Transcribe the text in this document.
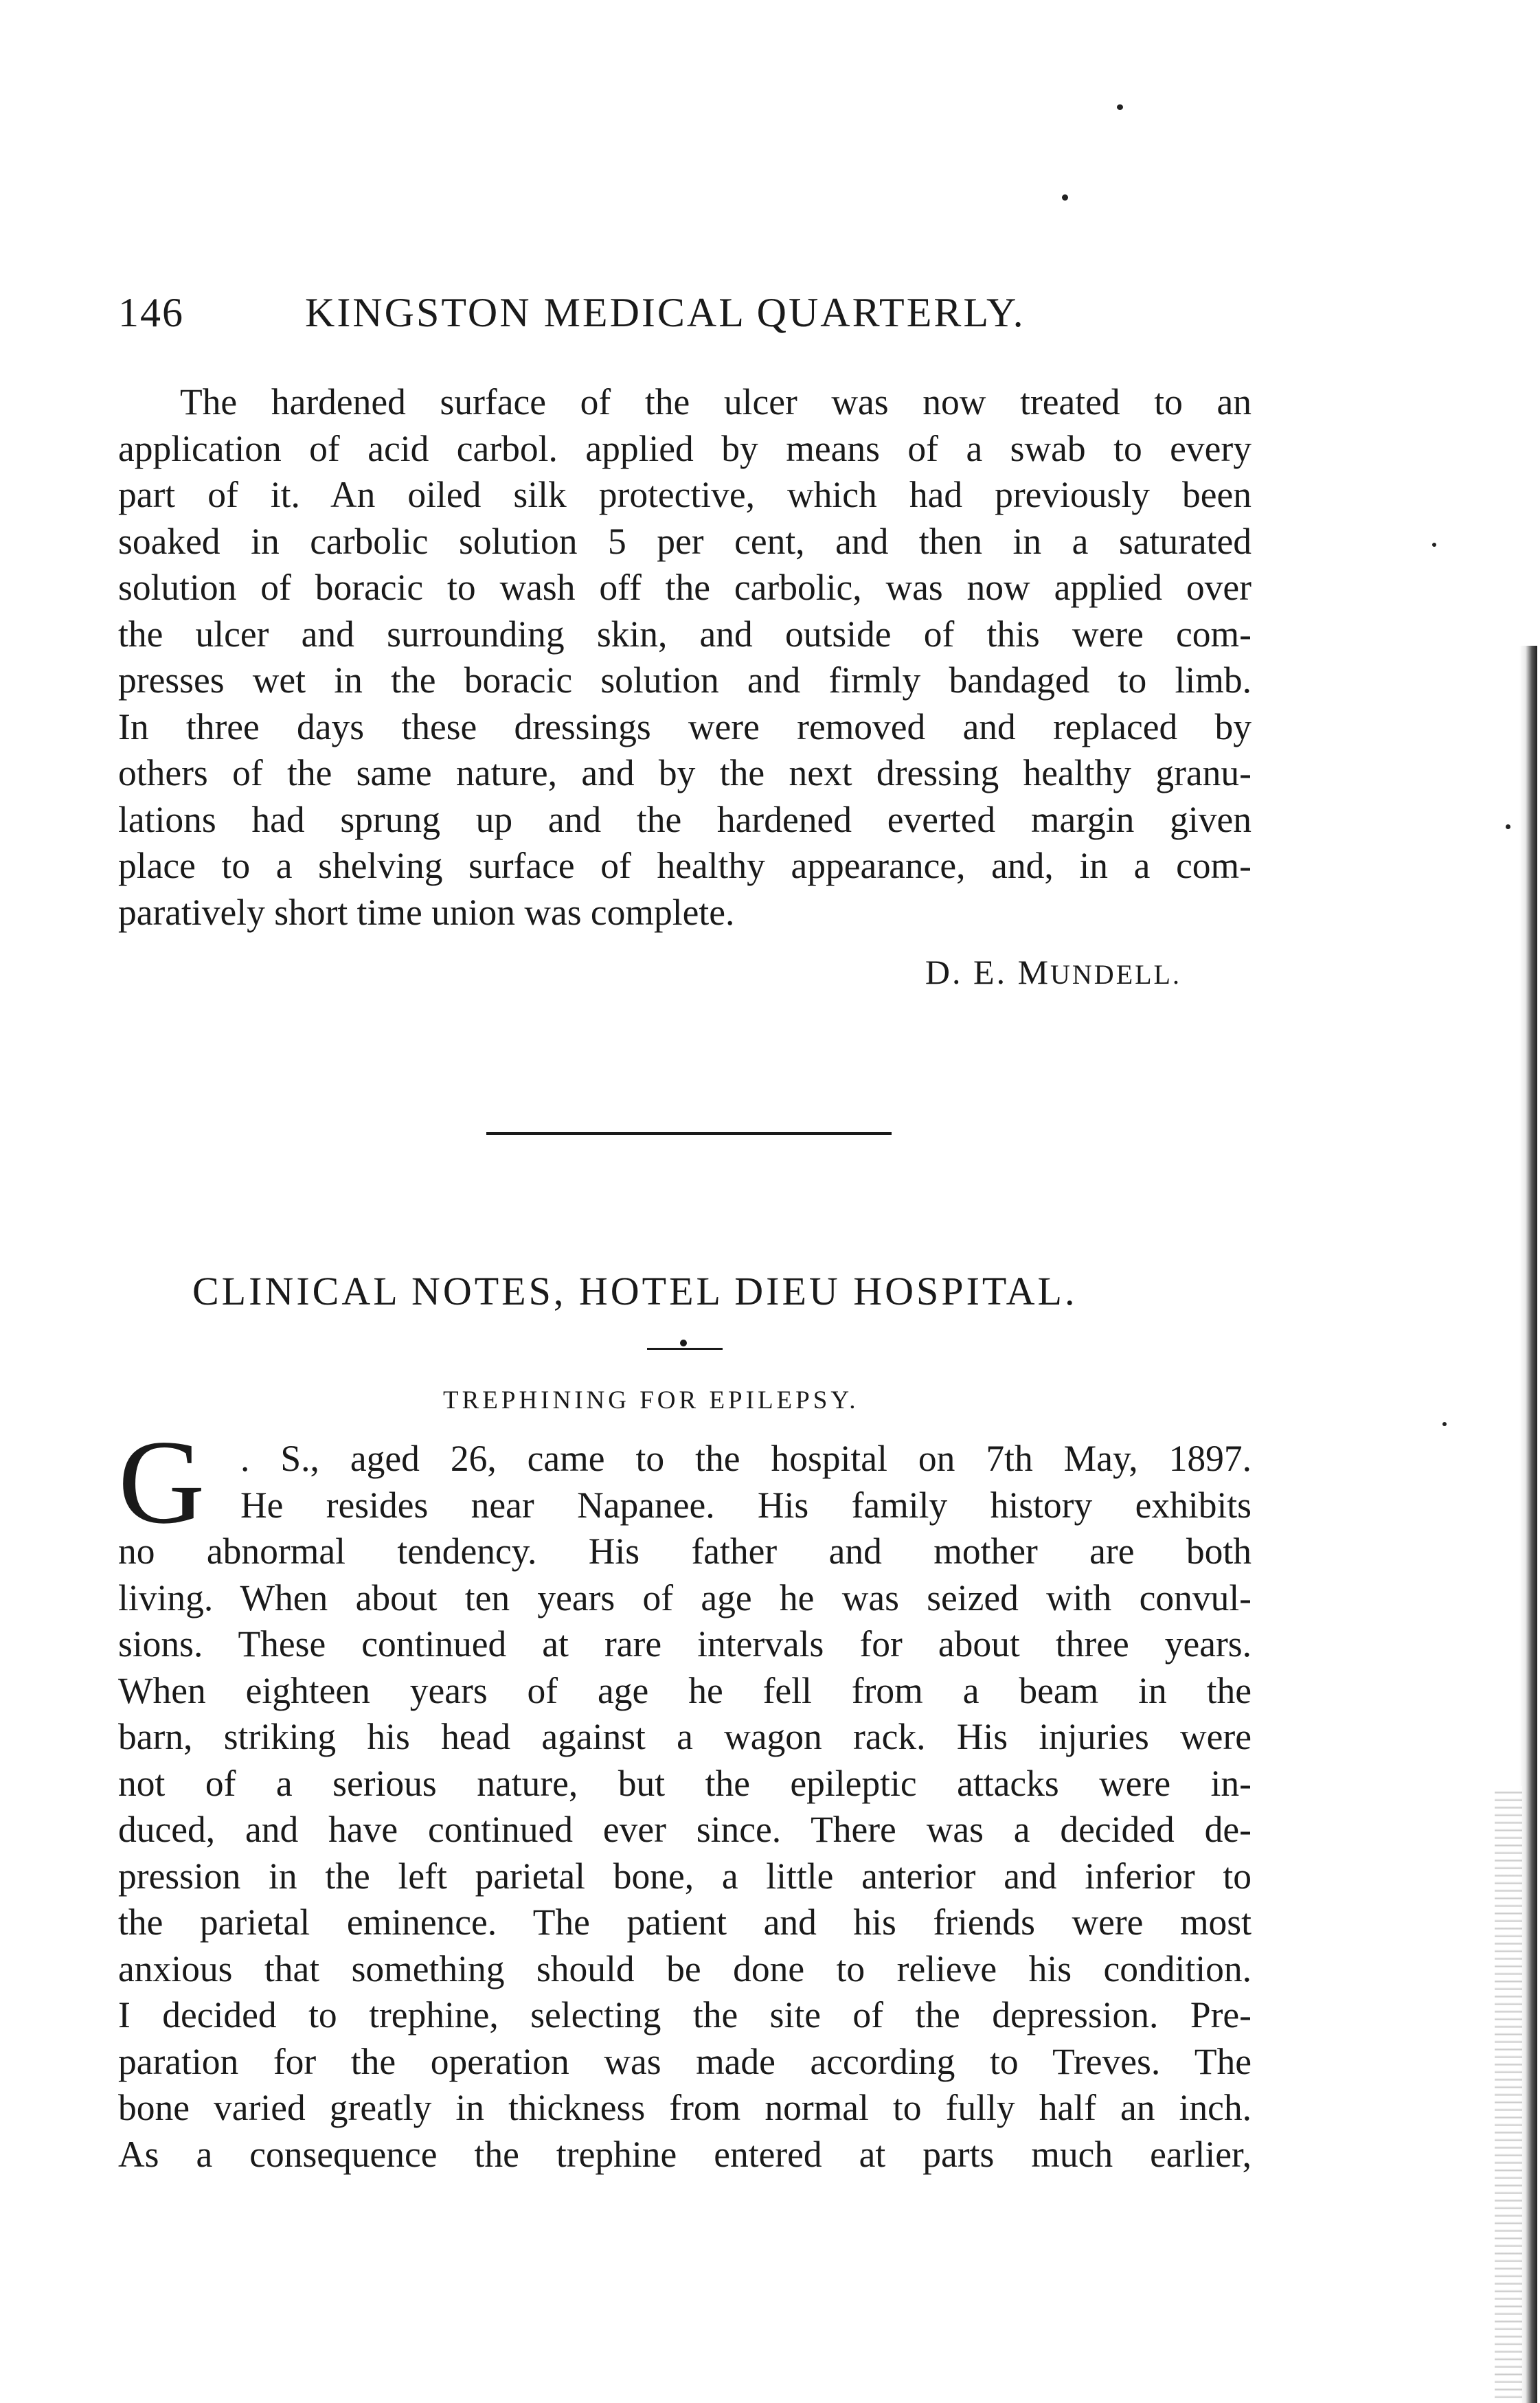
146	KINGSTON MEDICAL QUARTERLY.
The hardened surface of the ulcer was now treated to an
application of acid carbol. applied by means of a swab to every
part of it. An oiled silk protective, which had previously been
soaked in carbolic solution 5 per cent, and then in a saturated
solution of boracic to wash off the carbolic, was now applied over
the ulcer and surrounding skin, and outside of this were com-
presses wet in the boracic solution and firmly bandaged to limb.
In three days these dressings were removed and replaced by
others of the same nature, and by the next dressing healthy granu-
lations had sprung up and the hardened everted margin given
place to a shelving surface of healthy appearance, and, in a com-
paratively short time union was complete.
D. E. MUNDELL.
CLINICAL NOTES, HOTEL DIEU HOSPITAL.
TREPHINING FOR EPILEPSY.
G . S., aged 26, came to the hospital on 7th May, 1897.
He resides near Napanee. His family history exhibits
no abnormal tendency. His father and mother are both
living. When about ten years of age he was seized with convul-
sions. These continued at rare intervals for about three years.
When eighteen years of age he fell from a beam in the
barn, striking his head against a wagon rack. His injuries were
not of a serious nature, but the epileptic attacks were in-
duced, and have continued ever since. There was a decided de-
pression in the left parietal bone, a little anterior and inferior to
the parietal eminence. The patient and his friends were most
anxious that something should be done to relieve his condition.
I decided to trephine, selecting the site of the depression. Pre-
paration for the operation was made according to Treves. The
bone varied greatly in thickness from normal to fully half an inch.
As a consequence the trephine entered at parts much earlier,
